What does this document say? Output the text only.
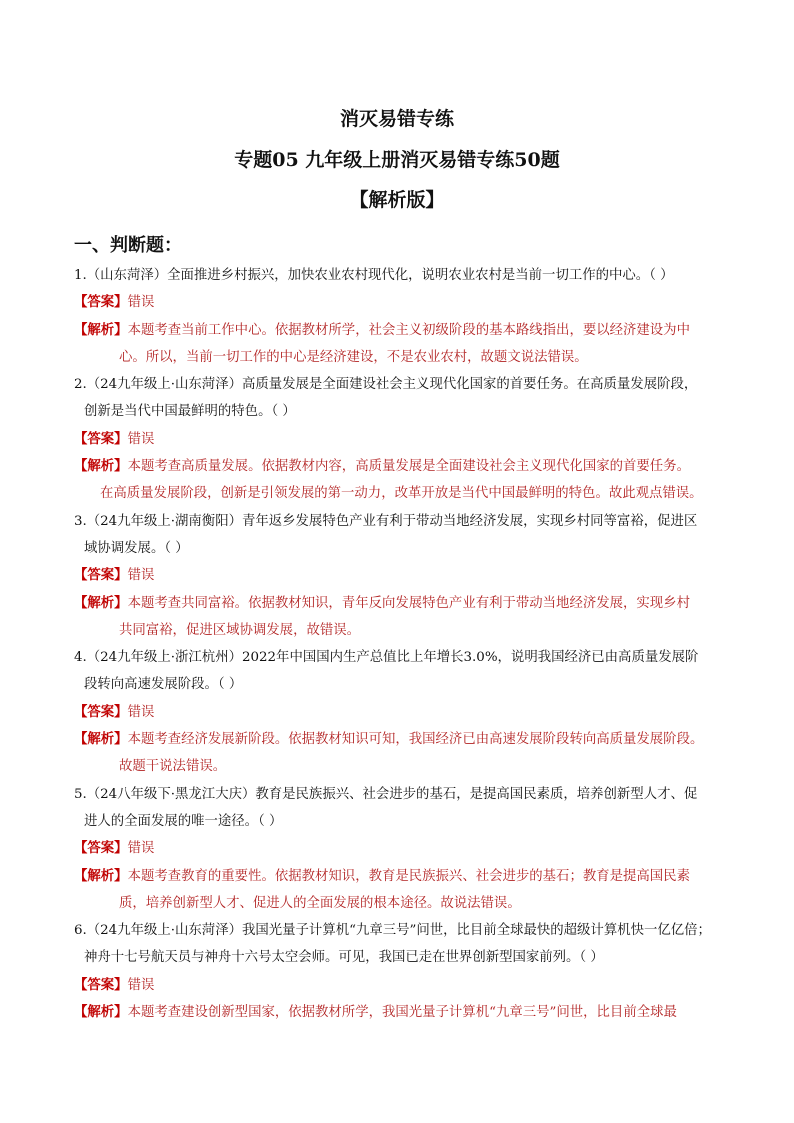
消灭易错专练
专题05 九年级上册消灭易错专练50题
【解析版】
一、判断题：
1.（山东菏泽）全面推进乡村振兴，加快农业农村现代化，说明农业农村是当前一切工作的中心。（ ）
【答案】错误
【解析】本题考查当前工作中心。依据教材所学，社会主义初级阶段的基本路线指出，要以经济建设为中
心。所以，当前一切工作的中心是经济建设，不是农业农村，故题文说法错误。
2.（24九年级上·山东菏泽）高质量发展是全面建设社会主义现代化国家的首要任务。在高质量发展阶段，
创新是当代中国最鲜明的特色。（ ）
【答案】错误
【解析】本题考查高质量发展。依据教材内容，高质量发展是全面建设社会主义现代化国家的首要任务。
在高质量发展阶段，创新是引领发展的第一动力，改革开放是当代中国最鲜明的特色。故此观点错误。
3.（24九年级上·湖南衡阳）青年返乡发展特色产业有利于带动当地经济发展，实现乡村同等富裕，促进区
域协调发展。（ ）
【答案】错误
【解析】本题考查共同富裕。依据教材知识，青年反向发展特色产业有利于带动当地经济发展，实现乡村
共同富裕，促进区域协调发展，故错误。
4.（24九年级上·浙江杭州）2022年中国国内生产总值比上年增长3.0%，说明我国经济已由高质量发展阶
段转向高速发展阶段。（ ）
【答案】错误
【解析】本题考查经济发展新阶段。依据教材知识可知，我国经济已由高速发展阶段转向高质量发展阶段。
故题干说法错误。
5.（24八年级下·黑龙江大庆）教育是民族振兴、社会进步的基石，是提高国民素质，培养创新型人才、促
进人的全面发展的唯一途径。（ ）
【答案】错误
【解析】本题考查教育的重要性。依据教材知识，教育是民族振兴、社会进步的基石；教育是提高国民素
质，培养创新型人才、促进人的全面发展的根本途径。故说法错误。
6.（24九年级上·山东菏泽）我国光量子计算机“九章三号”问世，比目前全球最快的超级计算机快一亿亿倍；
神舟十七号航天员与神舟十六号太空会师。可见，我国已走在世界创新型国家前列。（ ）
【答案】错误
【解析】本题考查建设创新型国家，依据教材所学，我国光量子计算机“九章三号”问世，比目前全球最
